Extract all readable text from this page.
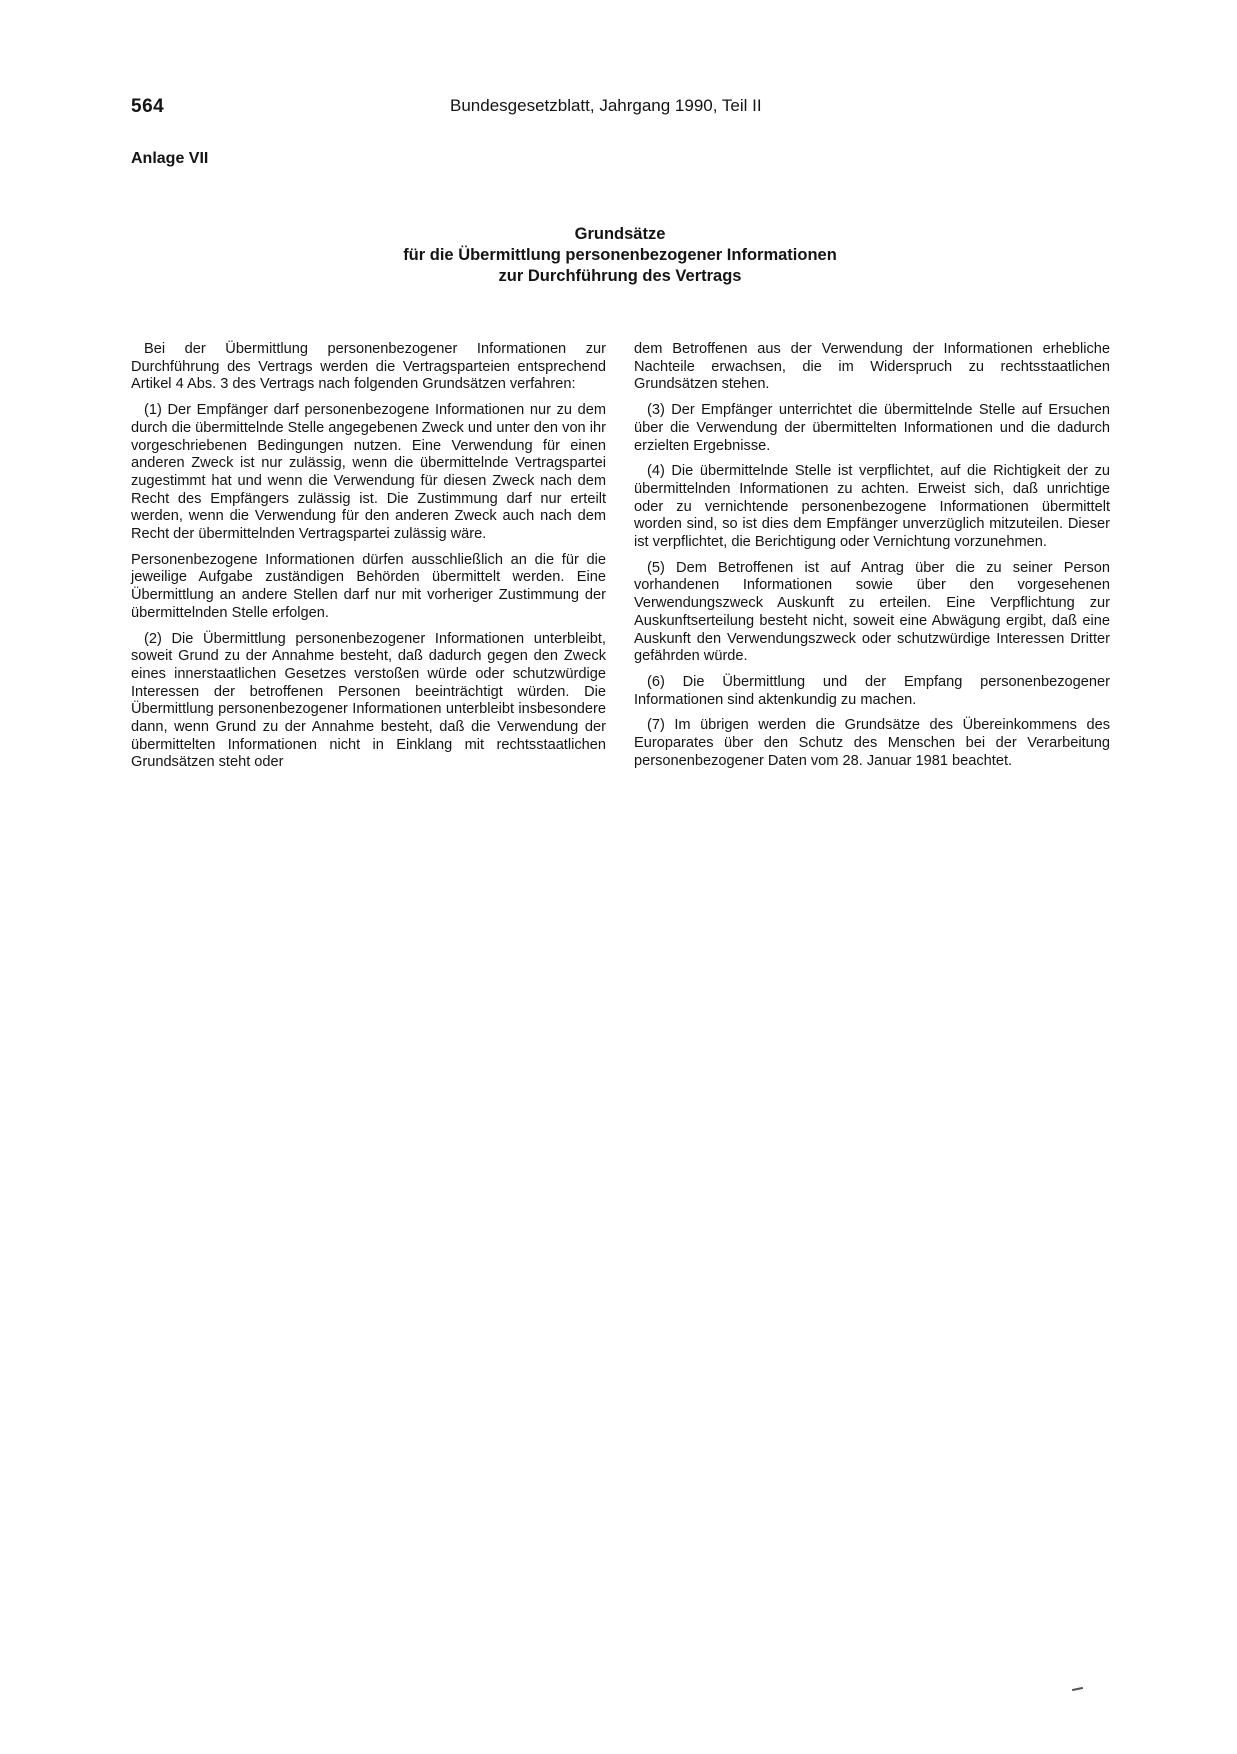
564	Bundesgesetzblatt, Jahrgang 1990, Teil II
Anlage VII
Grundsätze
für die Übermittlung personenbezogener Informationen
zur Durchführung des Vertrags

Bei der Übermittlung personenbezogener Informationen zur Durchführung des Vertrags werden die Vertragsparteien entsprechend Artikel 4 Abs. 3 des Vertrags nach folgenden Grundsätzen verfahren:

(1) Der Empfänger darf personenbezogene Informationen nur zu dem durch die übermittelnde Stelle angegebenen Zweck und unter den von ihr vorgeschriebenen Bedingungen nutzen. Eine Verwendung für einen anderen Zweck ist nur zulässig, wenn die übermittelnde Vertragspartei zugestimmt hat und wenn die Verwendung für diesen Zweck nach dem Recht des Empfängers zulässig ist. Die Zustimmung darf nur erteilt werden, wenn die Verwendung für den anderen Zweck auch nach dem Recht der übermittelnden Vertragspartei zulässig wäre.

Personenbezogene Informationen dürfen ausschließlich an die für die jeweilige Aufgabe zuständigen Behörden übermittelt werden. Eine Übermittlung an andere Stellen darf nur mit vorheriger Zustimmung der übermittelnden Stelle erfolgen.

(2) Die Übermittlung personenbezogener Informationen unterbleibt, soweit Grund zu der Annahme besteht, daß dadurch gegen den Zweck eines innerstaatlichen Gesetzes verstoßen würde oder schutzwürdige Interessen der betroffenen Personen beeinträchtigt würden. Die Übermittlung personenbezogener Informationen unterbleibt insbesondere dann, wenn Grund zu der Annahme besteht, daß die Verwendung der übermittelten Informationen nicht in Einklang mit rechtsstaatlichen Grundsätzen steht oder

dem Betroffenen aus der Verwendung der Informationen erhebliche Nachteile erwachsen, die im Widerspruch zu rechtsstaatlichen Grundsätzen stehen.

(3) Der Empfänger unterrichtet die übermittelnde Stelle auf Ersuchen über die Verwendung der übermittelten Informationen und die dadurch erzielten Ergebnisse.

(4) Die übermittelnde Stelle ist verpflichtet, auf die Richtigkeit der zu übermittelnden Informationen zu achten. Erweist sich, daß unrichtige oder zu vernichtende personenbezogene Informationen übermittelt worden sind, so ist dies dem Empfänger unverzüglich mitzuteilen. Dieser ist verpflichtet, die Berichtigung oder Vernichtung vorzunehmen.

(5) Dem Betroffenen ist auf Antrag über die zu seiner Person vorhandenen Informationen sowie über den vorgesehenen Verwendungszweck Auskunft zu erteilen. Eine Verpflichtung zur Auskunftserteilung besteht nicht, soweit eine Abwägung ergibt, daß eine Auskunft den Verwendungszweck oder schutzwürdige Interessen Dritter gefährden würde.

(6) Die Übermittlung und der Empfang personenbezogener Informationen sind aktenkundig zu machen.

(7) Im übrigen werden die Grundsätze des Übereinkommens des Europarates über den Schutz des Menschen bei der Verarbeitung personenbezogener Daten vom 28. Januar 1981 beachtet.
